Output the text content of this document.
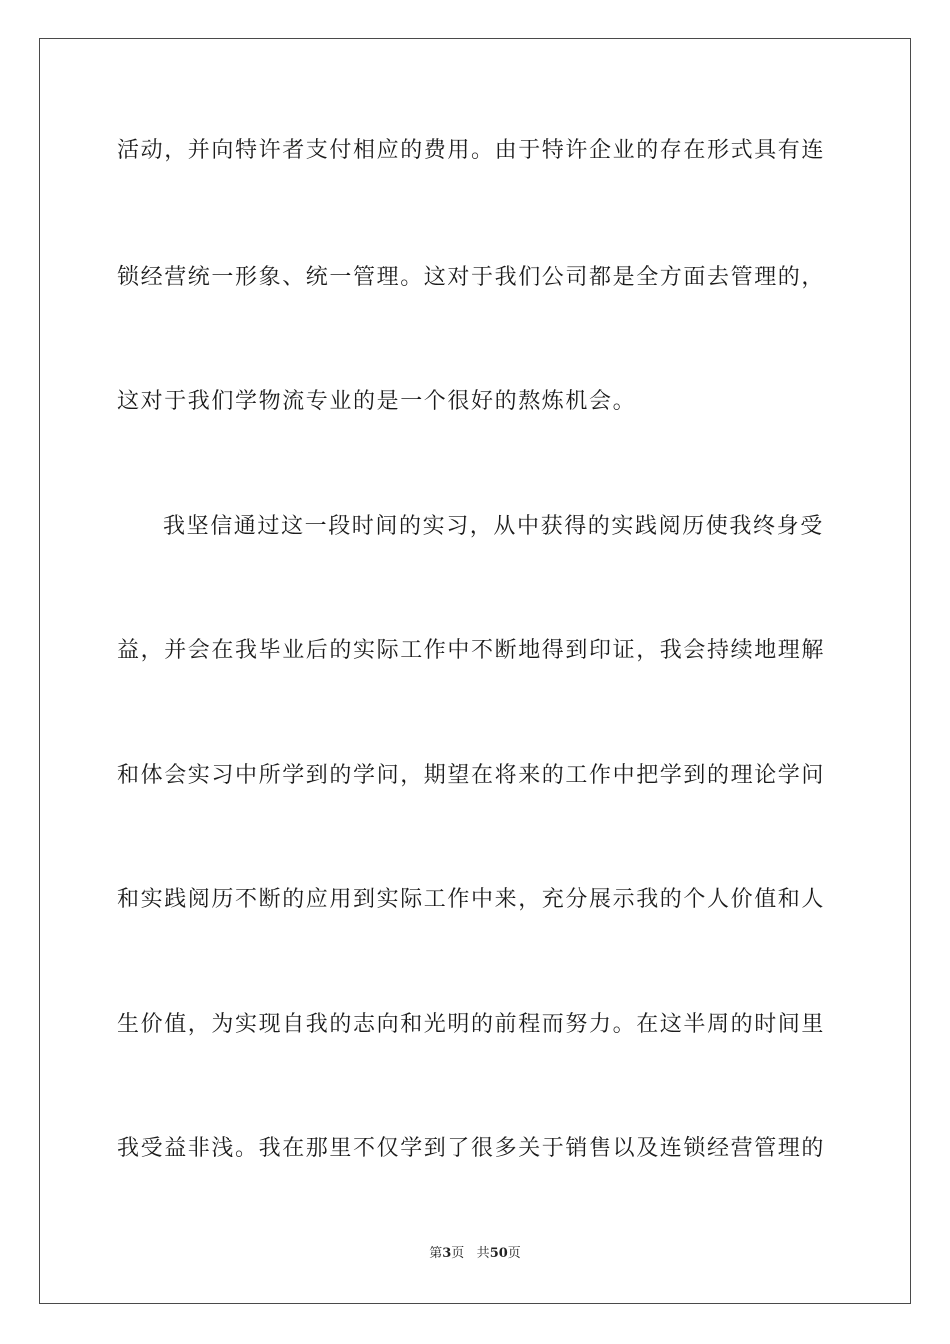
活动，并向特许者支付相应的费用。由于特许企业的存在形式具有连
锁经营统一形象、统一管理。这对于我们公司都是全方面去管理的，
这对于我们学物流专业的是一个很好的熬炼机会。
我坚信通过这一段时间的实习，从中获得的实践阅历使我终身受
益，并会在我毕业后的实际工作中不断地得到印证，我会持续地理解
和体会实习中所学到的学问，期望在将来的工作中把学到的理论学问
和实践阅历不断的应用到实际工作中来，充分展示我的个人价值和人
生价值，为实现自我的志向和光明的前程而努力。在这半周的时间里
我受益非浅。我在那里不仅学到了很多关于销售以及连锁经营管理的
第3页 共50页
